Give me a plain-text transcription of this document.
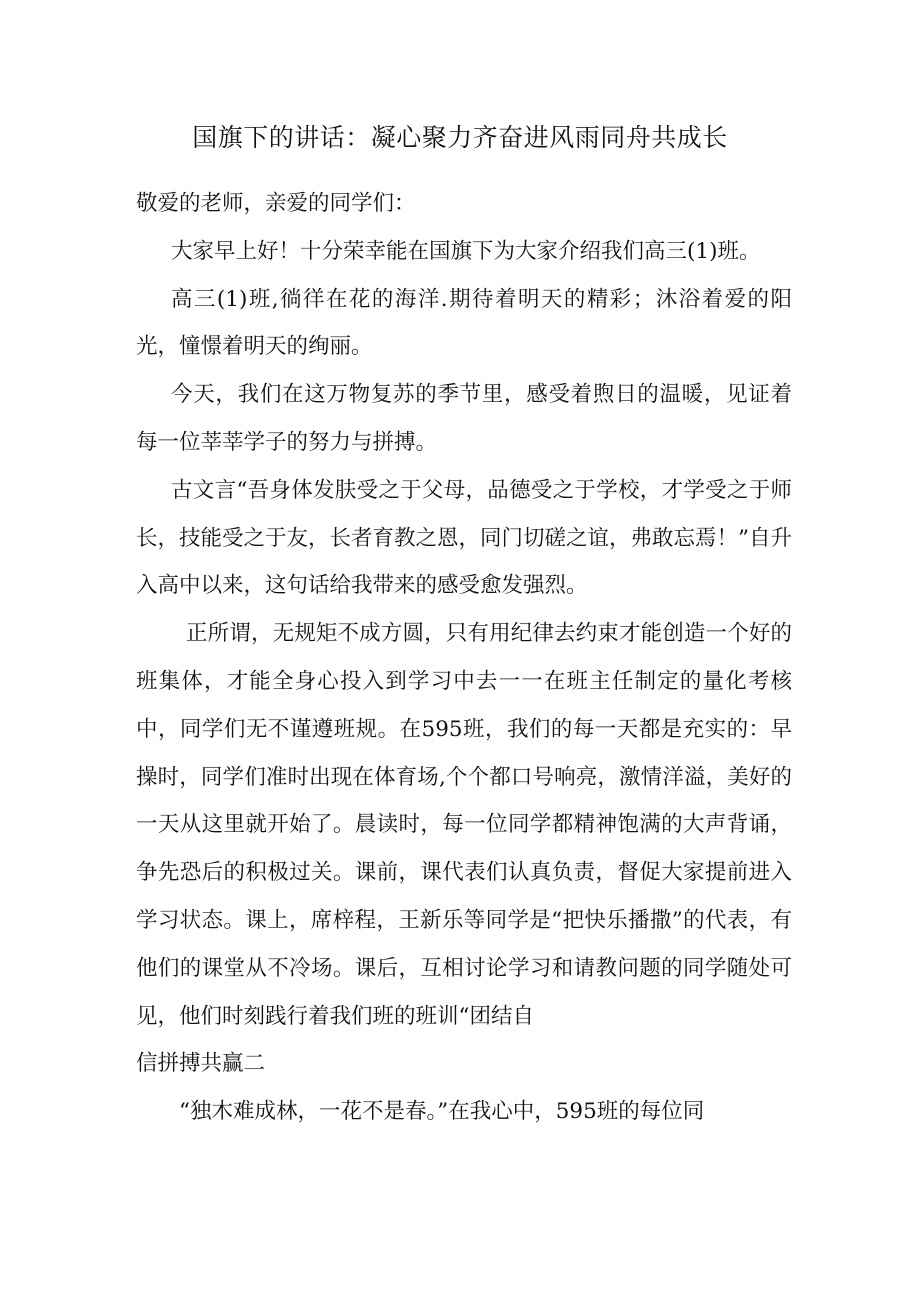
国旗下的讲话：凝心聚力齐奋进风雨同舟共成长

敬爱的老师，亲爱的同学们：

大家早上好！十分荣幸能在国旗下为大家介绍我们高三(1)班。

高三(1)班,徜徉在花的海洋.期待着明天的精彩；沐浴着爱的阳光，憧憬着明天的绚丽。

今天，我们在这万物复苏的季节里，感受着煦日的温暖，见证着每一位莘莘学子的努力与拼搏。

古文言“吾身体发肤受之于父母，品德受之于学校，才学受之于师长，技能受之于友，长者育教之恩，同门切磋之谊，弗敢忘焉！”自升入高中以来，这句话给我带来的感受愈发强烈。

正所谓，无规矩不成方圆，只有用纪律去约束才能创造一个好的班集体，才能全身心投入到学习中去一一在班主任制定的量化考核中，同学们无不谨遵班规。在595班，我们的每一天都是充实的：早操时，同学们准时出现在体育场,个个都口号响亮，激情洋溢，美好的一天从这里就开始了。晨读时，每一位同学都精神饱满的大声背诵，争先恐后的积极过关。课前，课代表们认真负责，督促大家提前进入学习状态。课上，席梓程，王新乐等同学是“把快乐播撒”的代表，有他们的课堂从不冷场。课后，互相讨论学习和请教问题的同学随处可见，他们时刻践行着我们班的班训“团结自

信拼搏共赢二

“独木难成林，一花不是春。”在我心中，595班的每位同
